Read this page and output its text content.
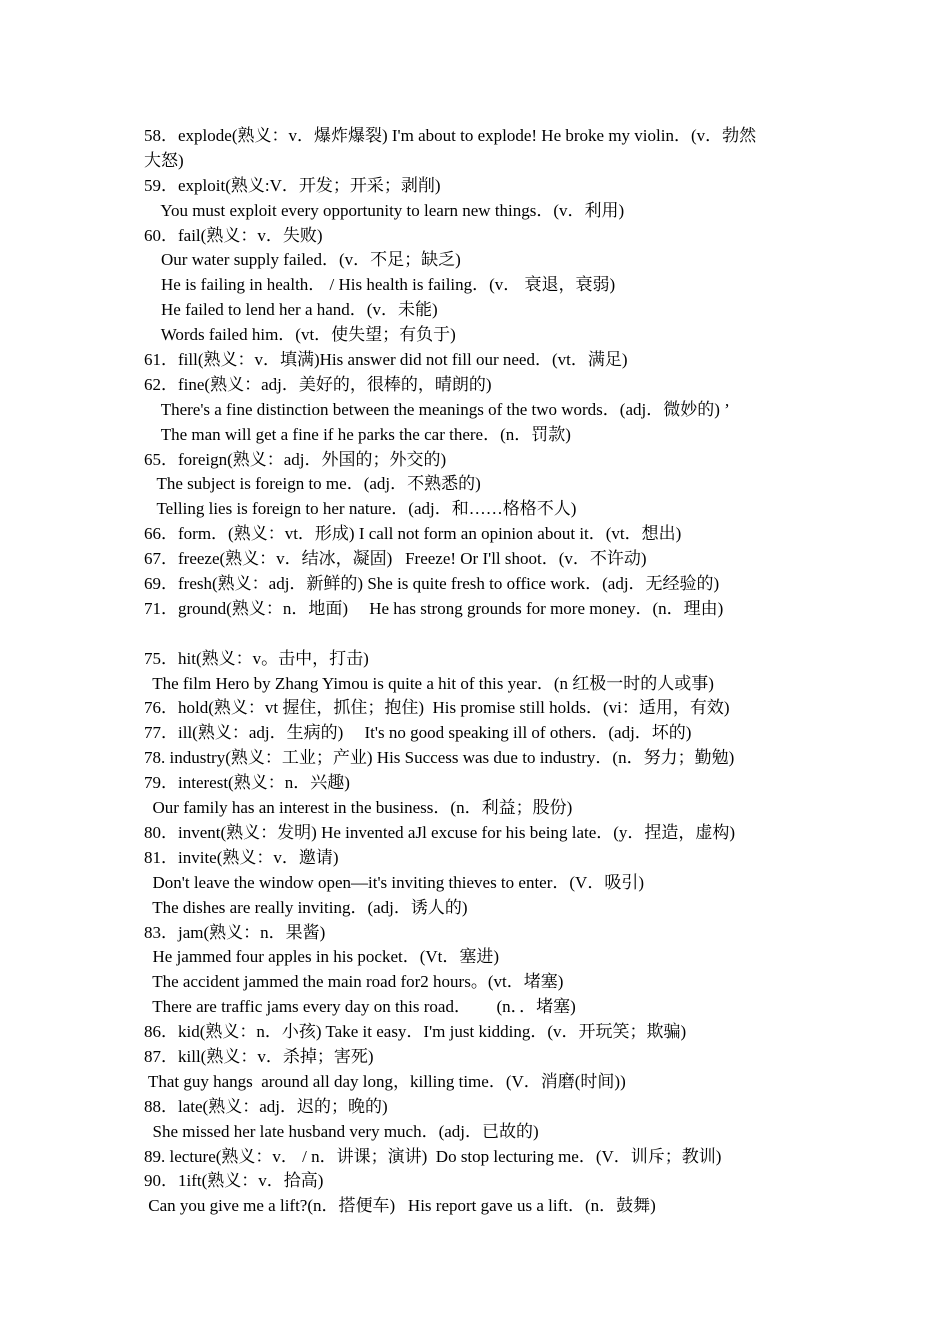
58．explode(熟义：v．爆炸爆裂) I'm about to explode! He broke my violin．(v．勃然
大怒)
59．exploit(熟义:V．开发；开采；剥削)
You must exploit every opportunity to learn new things．(v．利用)
60．fail(熟义：v．失败)
Our water supply failed．(v．不足；缺乏)
He is failing in health． / His health is failing．(v． 衰退，衰弱)
He failed to lend her a hand．(v．未能)
Words failed him．(vt．使失望；有负于)
61．fill(熟义：v．填满)His answer did not fill our need．(vt．满足)
62．fine(熟义：adj．美好的，很棒的，晴朗的)
There's a fine distinction between the meanings of the two words．(adj．微妙的) ’
The man will get a fine if he parks the car there．(n．罚款)
65．foreign(熟义：adj．外国的；外交的)
The subject is foreign to me．(adj．不熟悉的)
Telling lies is foreign to her nature．(adj．和……格格不人)
66．form．(熟义：vt．形成) I call not form an opinion about it．(vt．想出)
67．freeze(熟义：v．结冰，凝固)   Freeze! Or I'll shoot．(v．不许动)
69．fresh(熟义：adj．新鲜的) She is quite fresh to office work．(adj．无经验的)
71．ground(熟义：n．地面)     He has strong grounds for more money．(n．理由)
75．hit(熟义：v。击中，打击)
The film Hero by Zhang Yimou is quite a hit of this year．(n 红极一时的人或事)
76．hold(熟义：vt 握住，抓住；抱住)  His promise still holds．(vi：适用，有效)
77．ill(熟义：adj．生病的)     It's no good speaking ill of others．(adj．坏的)
78. industry(熟义：工业；产业) His Success was due to industry．(n．努力；勤勉)
79．interest(熟义：n．兴趣)
Our family has an interest in the business．(n．利益；股份)
80．invent(熟义：发明) He invented aJl excuse for his being late．(y．捏造，虚构)
81．invite(熟义：v．邀请)
Don't leave the window open—it's inviting thieves to enter．(V．吸引)
The dishes are really inviting．(adj．诱人的)
83．jam(熟义：n．果酱)
He jammed four apples in his pocket．(Vt．塞进)
The accident jammed the main road for2 hours。(vt．堵塞)
There are traffic jams every day on this road．      (n．．堵塞)
86．kid(熟义：n．小孩) Take it easy．I'm just kidding．(v．开玩笑；欺骗)
87．kill(熟义：v．杀掉；害死)
That guy hangs  around all day long，killing time．(V．消磨(时间))
88．late(熟义：adj．迟的；晚的)
She missed her late husband very much．(adj．已故的)
89. lecture(熟义：v． / n．讲课；演讲)  Do stop lecturing me．(V．训斥；教训)
90．1ift(熟义：v．拾高)
Can you give me a lift?(n．搭便车)   His report gave us a lift．(n．鼓舞)
